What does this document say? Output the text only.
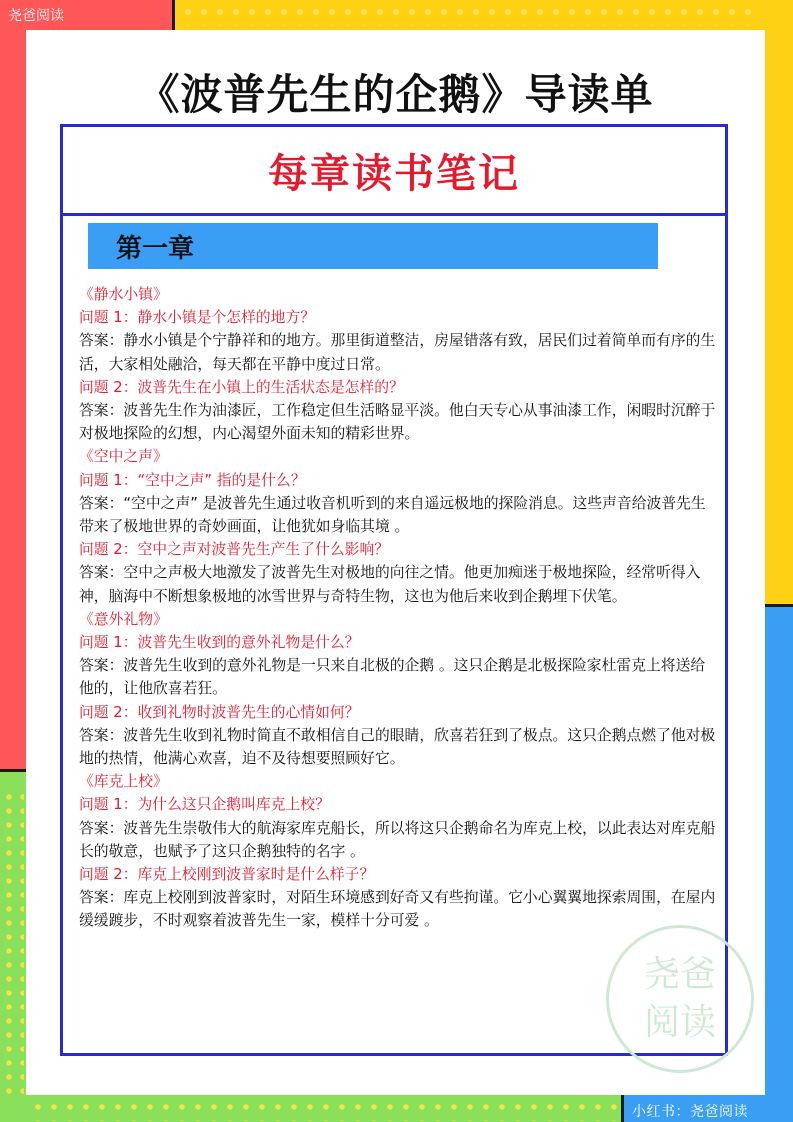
尧爸阅读
小红书：尧爸阅读
《波普先生的企鹅》导读单
每章读书笔记
第一章
《静水小镇》
问题 1：静水小镇是个怎样的地方？
答案：静水小镇是个宁静祥和的地方。那里街道整洁，房屋错落有致，居民们过着简单而有序的生活，大家相处融洽，每天都在平静中度过日常。
问题 2：波普先生在小镇上的生活状态是怎样的？
答案：波普先生作为油漆匠，工作稳定但生活略显平淡。他白天专心从事油漆工作，闲暇时沉醉于对极地探险的幻想，内心渴望外面未知的精彩世界。
《空中之声》
问题 1：“空中之声” 指的是什么？
答案：“空中之声” 是波普先生通过收音机听到的来自遥远极地的探险消息。这些声音给波普先生带来了极地世界的奇妙画面，让他犹如身临其境 。
问题 2：空中之声对波普先生产生了什么影响？
答案：空中之声极大地激发了波普先生对极地的向往之情。他更加痴迷于极地探险，经常听得入神，脑海中不断想象极地的冰雪世界与奇特生物，这也为他后来收到企鹅埋下伏笔。
《意外礼物》
问题 1：波普先生收到的意外礼物是什么？
答案：波普先生收到的意外礼物是一只来自北极的企鹅 。这只企鹅是北极探险家杜雷克上将送给他的，让他欣喜若狂。
问题 2：收到礼物时波普先生的心情如何？
答案：波普先生收到礼物时简直不敢相信自己的眼睛，欣喜若狂到了极点。这只企鹅点燃了他对极地的热情，他满心欢喜，迫不及待想要照顾好它。
《库克上校》
问题 1：为什么这只企鹅叫库克上校？
答案：波普先生崇敬伟大的航海家库克船长，所以将这只企鹅命名为库克上校，以此表达对库克船长的敬意，也赋予了这只企鹅独特的名字 。
问题 2：库克上校刚到波普家时是什么样子？
答案：库克上校刚到波普家时，对陌生环境感到好奇又有些拘谨。它小心翼翼地探索周围，在屋内缓缓踱步，不时观察着波普先生一家，模样十分可爱 。
尧爸
阅读
